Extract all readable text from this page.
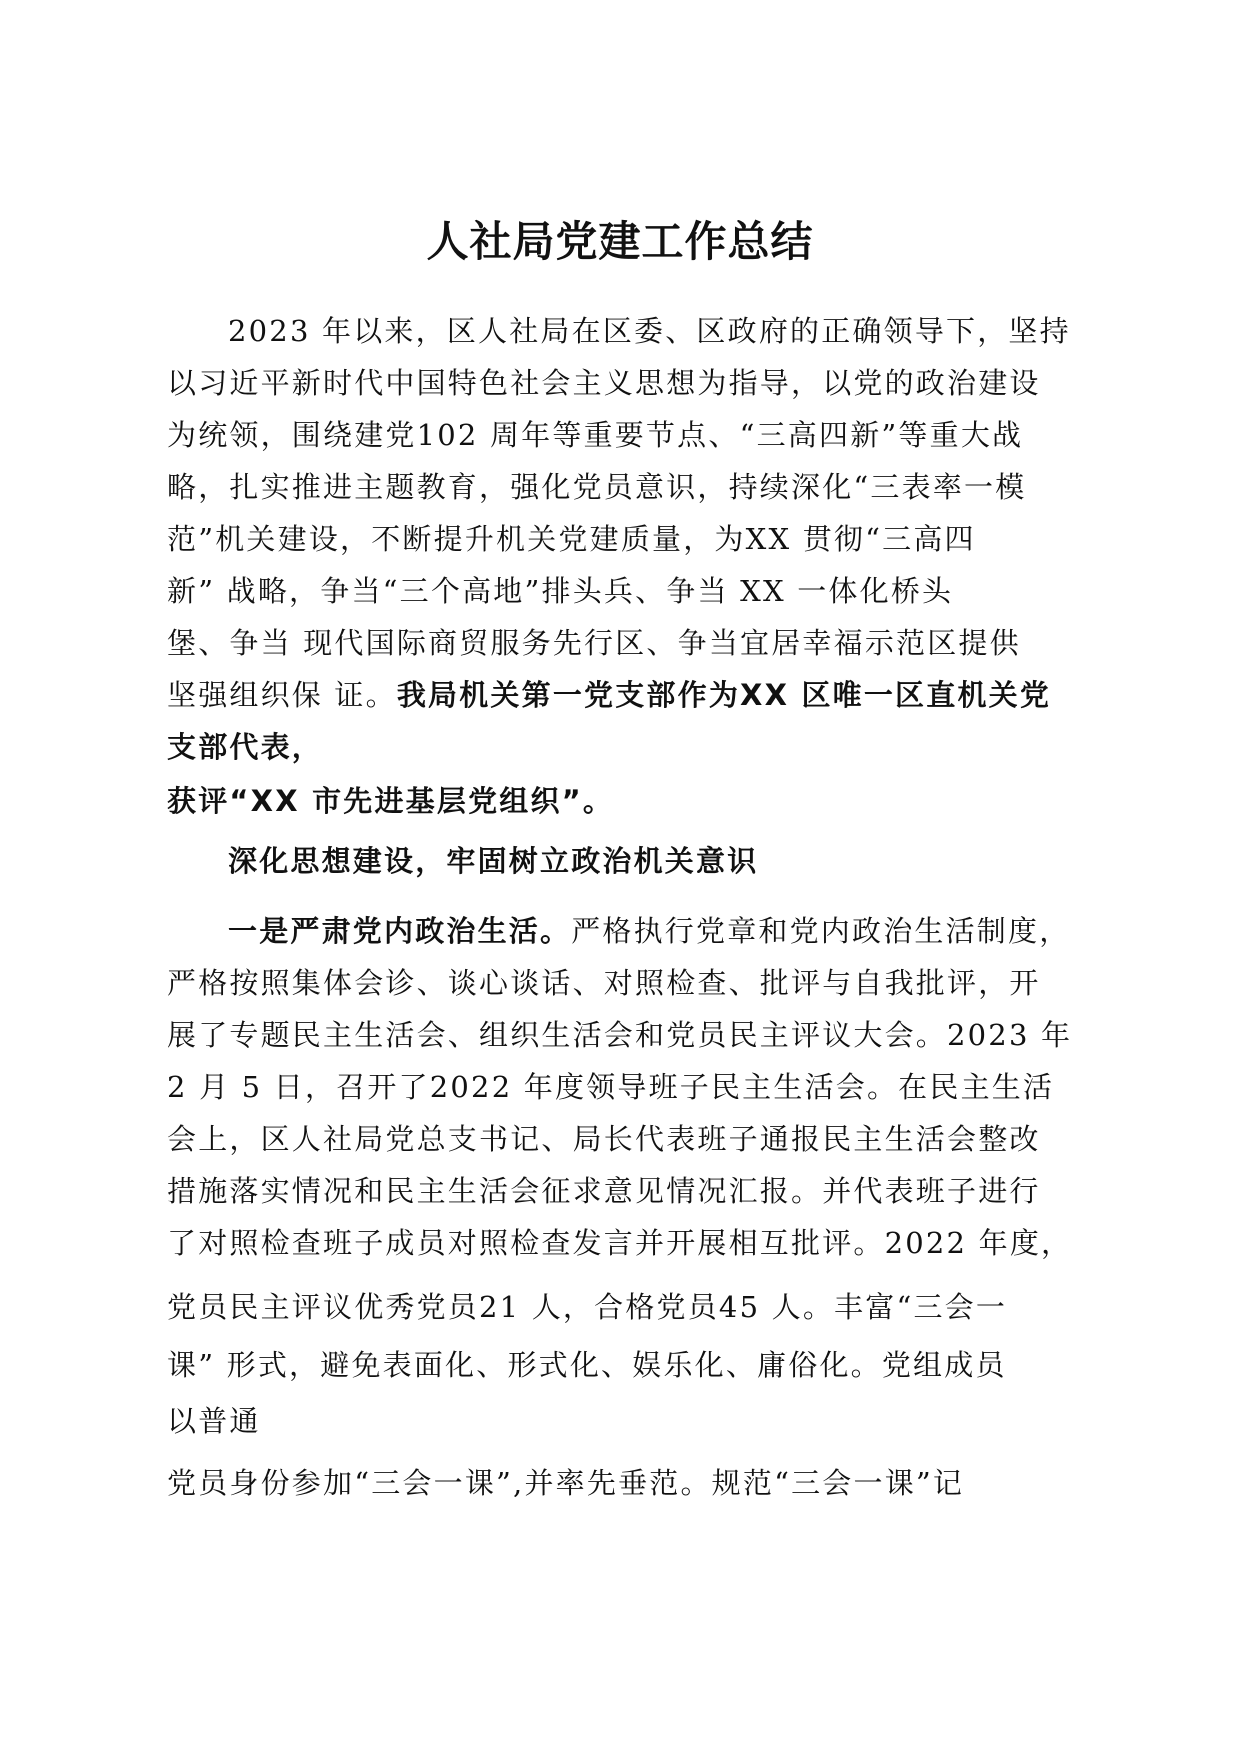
人社局党建工作总结

2023 年以来，区人社局在区委、区政府的正确领导下，坚持

以习近平新时代中国特色社会主义思想为指导，以党的政治建设

为统领，围绕建党102 周年等重要节点、“三高四新”等重大战

略，扎实推进主题教育，强化党员意识，持续深化“三表率一模

范”机关建设，不断提升机关党建质量，为XX 贯彻“三高四

新” 战略，争当“三个高地”排头兵、争当 XX 一体化桥头

堡、争当 现代国际商贸服务先行区、争当宜居幸福示范区提供

坚强组织保 证。我局机关第一党支部作为XX 区唯一区直机关党

支部代表，

获评“XX 市先进基层党组织”。

深化思想建设，牢固树立政治机关意识

一是严肃党内政治生活。严格执行党章和党内政治生活制度，

严格按照集体会诊、谈心谈话、对照检查、批评与自我批评，开

展了专题民主生活会、组织生活会和党员民主评议大会。2023 年

2 月 5 日，召开了2022 年度领导班子民主生活会。在民主生活

会上，区人社局党总支书记、局长代表班子通报民主生活会整改

措施落实情况和民主生活会征求意见情况汇报。并代表班子进行

了对照检查班子成员对照检查发言并开展相互批评。2022 年度，

党员民主评议优秀党员21 人，合格党员45 人。丰富“三会一

课” 形式，避免表面化、形式化、娱乐化、庸俗化。党组成员

以普通

党员身份参加“三会一课”,并率先垂范。规范“三会一课”记
